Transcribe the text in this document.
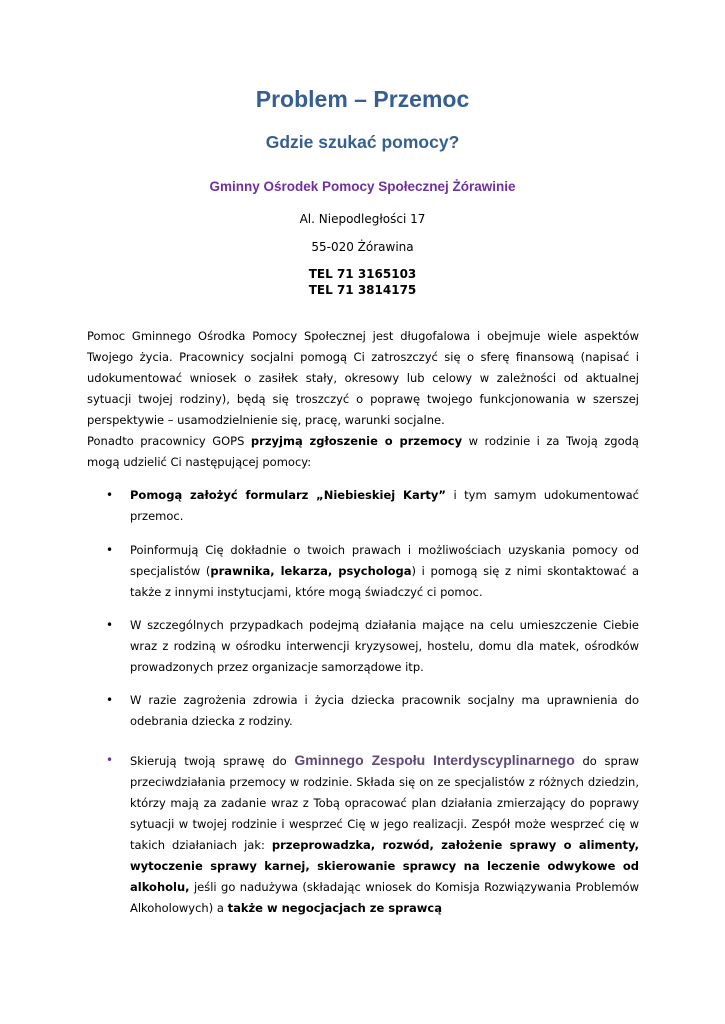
Problem – Przemoc
Gdzie szukać pomocy?
Gminny Ośrodek Pomocy Społecznej Żórawinie
Al. Niepodległości 17
55-020 Żórawina
TEL 71 3165103
TEL 71 3814175

Pomoc Gminnego Ośrodka Pomocy Społecznej jest długofalowa i obejmuje wiele aspektów Twojego życia. Pracownicy socjalni pomogą Ci zatroszczyć się o sferę finansową (napisać i udokumentować wniosek o zasiłek stały, okresowy lub celowy w zależności od aktualnej sytuacji twojej rodziny), będą się troszczyć o poprawę twojego funkcjonowania w szerszej perspektywie – usamodzielnienie się, pracę, warunki socjalne.

Ponadto pracownicy GOPS przyjmą zgłoszenie o przemocy w rodzinie i za Twoją zgodą mogą udzielić Ci następującej pomocy:

• Pomogą założyć formularz „Niebieskiej Karty” i tym samym udokumentować przemoc.
• Poinformują Cię dokładnie o twoich prawach i możliwościach uzyskania pomocy od specjalistów (prawnika, lekarza, psychologa) i pomogą się z nimi skontaktować a także z innymi instytucjami, które mogą świadczyć ci pomoc.
• W szczególnych przypadkach podejmą działania mające na celu umieszczenie Ciebie wraz z rodziną w ośrodku interwencji kryzysowej, hostelu, domu dla matek, ośrodków prowadzonych przez organizacje samorządowe itp.
• W razie zagrożenia zdrowia i życia dziecka pracownik socjalny ma uprawnienia do odebrania dziecka z rodziny.
• Skierują twoją sprawę do Gminnego Zespołu Interdyscyplinarnego do spraw przeciwdziałania przemocy w rodzinie. Składa się on ze specjalistów z różnych dziedzin, którzy mają za zadanie wraz z Tobą opracować plan działania zmierzający do poprawy sytuacji w twojej rodzinie i wesprzeć Cię w jego realizacji. Zespół może wesprzeć cię w takich działaniach jak: przeprowadzka, rozwód, założenie sprawy o alimenty, wytoczenie sprawy karnej, skierowanie sprawcy na leczenie odwykowe od alkoholu, jeśli go nadużywa (składając wniosek do Komisja Rozwiązywania Problemów Alkoholowych) a także w negocjacjach ze sprawcą
